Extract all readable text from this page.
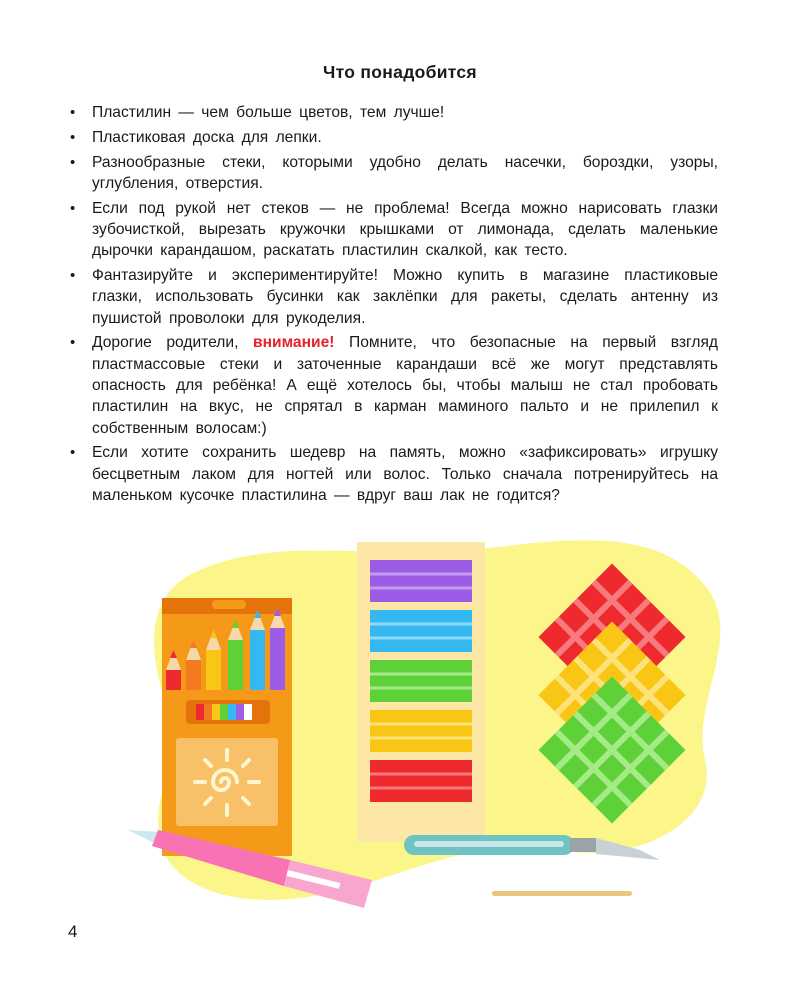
Что понадобится
• Пластилин — чем больше цветов, тем лучше!
• Пластиковая доска для лепки.
• Разнообразные стеки, которыми удобно делать насечки, бороздки, узоры, углубления, отверстия.
• Если под рукой нет стеков — не проблема! Всегда можно нарисовать глазки зубочисткой, вырезать кружочки крышками от лимонада, сделать маленькие дырочки карандашом, раскатать пластилин скалкой, как тесто.
• Фантазируйте и экспериментируйте! Можно купить в магазине пластиковые глазки, использовать бусинки как заклёпки для ракеты, сделать антенну из пушистой проволоки для рукоделия.
• Дорогие родители, внимание! Помните, что безопасные на первый взгляд пластмассовые стеки и заточенные карандаши всё же могут представлять опасность для ребёнка! А ещё хотелось бы, чтобы малыш не стал пробовать пластилин на вкус, не спрятал в карман маминого пальто и не прилепил к собственным волосам:)
• Если хотите сохранить шедевр на память, можно «зафиксировать» игрушку бесцветным лаком для ногтей или волос. Только сначала потренируйтесь на маленьком кусочке пластилина — вдруг ваш лак не годится?
4
